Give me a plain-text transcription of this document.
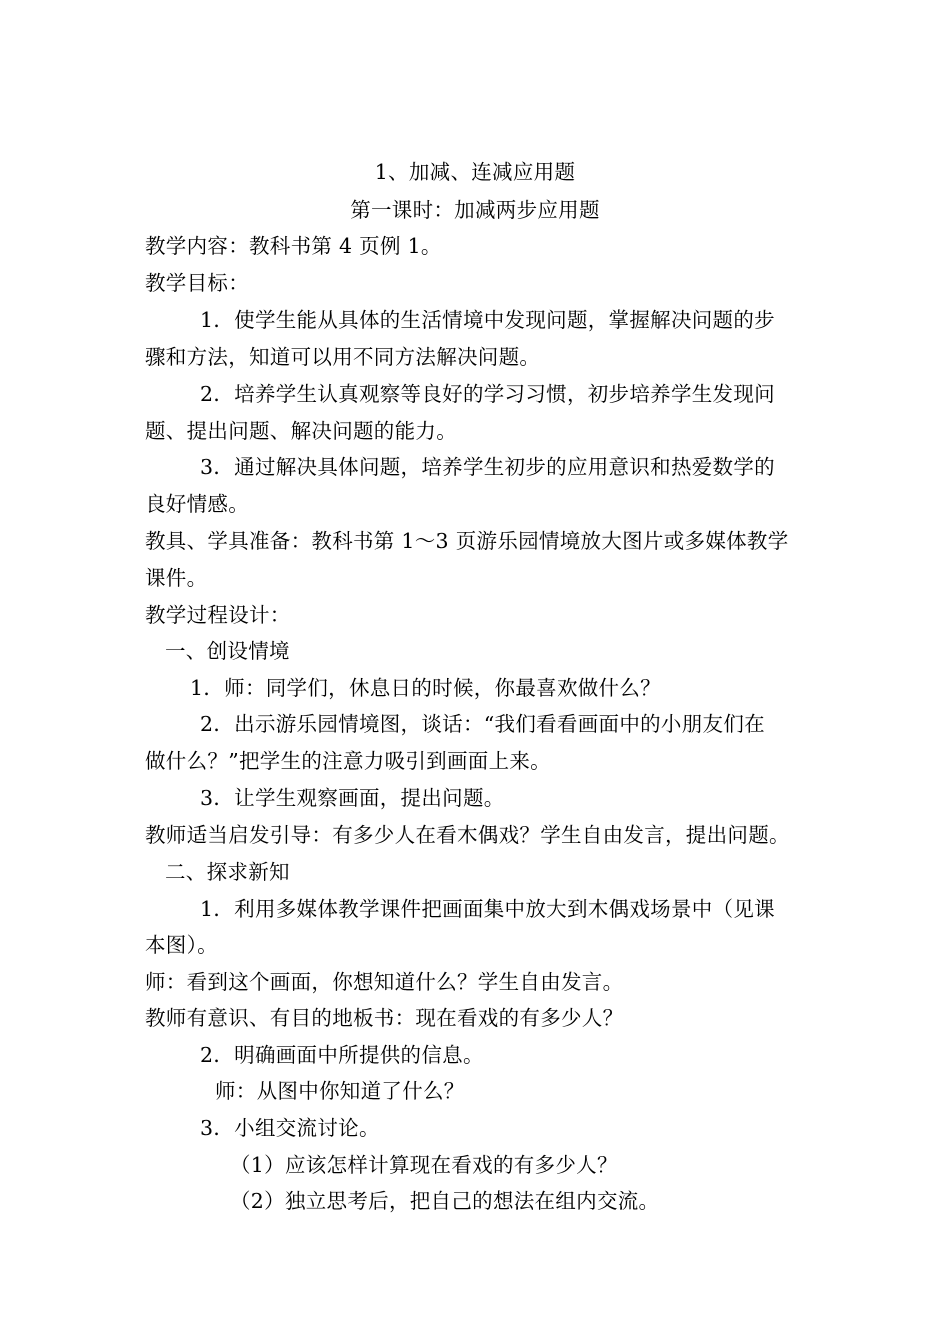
1、加减、连减应用题
第一课时：加减两步应用题
教学内容：教科书第 4 页例 1。
教学目标：
1．使学生能从具体的生活情境中发现问题，掌握解决问题的步
骤和方法，知道可以用不同方法解决问题。
2．培养学生认真观察等良好的学习习惯，初步培养学生发现问
题、提出问题、解决问题的能力。
3．通过解决具体问题，培养学生初步的应用意识和热爱数学的
良好情感。
教具、学具准备：教科书第 1～3 页游乐园情境放大图片或多媒体教学
课件。
教学过程设计：
一、创设情境
1．师：同学们，休息日的时候，你最喜欢做什么？
2．出示游乐园情境图，谈话：“我们看看画面中的小朋友们在
做什么？”把学生的注意力吸引到画面上来。
3．让学生观察画面，提出问题。
教师适当启发引导：有多少人在看木偶戏？学生自由发言，提出问题。
二、探求新知
1．利用多媒体教学课件把画面集中放大到木偶戏场景中（见课
本图）。
师：看到这个画面，你想知道什么？学生自由发言。
教师有意识、有目的地板书：现在看戏的有多少人？
2．明确画面中所提供的信息。
师：从图中你知道了什么？
3．小组交流讨论。
（1）应该怎样计算现在看戏的有多少人？
（2）独立思考后，把自己的想法在组内交流。
